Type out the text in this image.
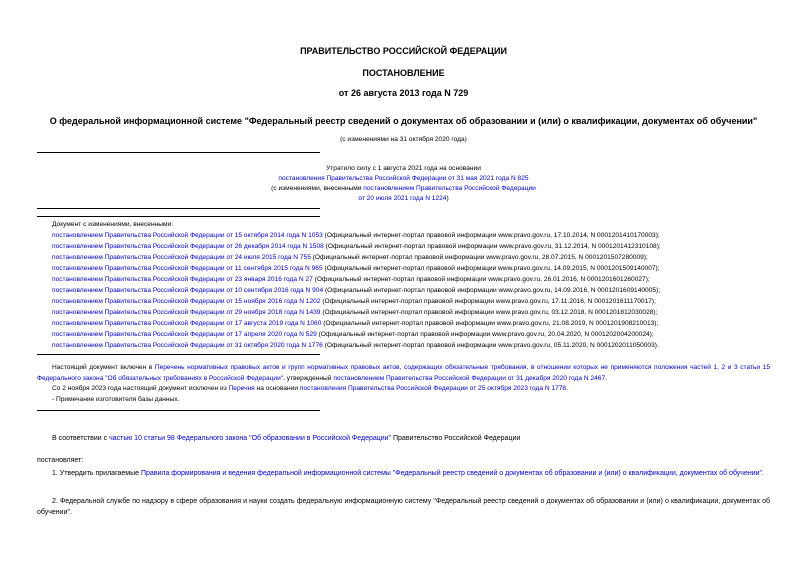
ПРАВИТЕЛЬСТВО РОССИЙСКОЙ ФЕДЕРАЦИИ
ПОСТАНОВЛЕНИЕ
от 26 августа 2013 года N 729
О федеральной информационной системе "Федеральный реестр сведений о документах об образовании и (или) о квалификации, документах об обучении"
(с изменениями на 31 октября 2020 года)
Утратило силу с 1 августа 2021 года на основании
постановления Правительства Российской Федерации от 31 мая 2021 года N 825
(с изменениями, внесенными постановлением Правительства Российской Федерации
от 20 июля 2021 года N 1224)
Документ с изменениями, внесенными:
постановлением Правительства Российской Федерации от 15 октября 2014 года N 1053 (Официальный интернет-портал правовой информации www.pravo.gov.ru, 17.10.2014, N 0001201410170003);
постановлением Правительства Российской Федерации от 26 декабря 2014 года N 1508 (Официальный интернет-портал правовой информации www.pravo.gov.ru, 31.12.2014, N 0001201412310108);
постановлением Правительства Российской Федерации от 24 июля 2015 года N 755 (Официальный интернет-портал правовой информации www.pravo.gov.ru, 28.07.2015, N 0001201507280009);
постановлением Правительства Российской Федерации от 11 сентября 2015 года N 965 (Официальный интернет-портал правовой информации www.pravo.gov.ru, 14.09.2015, N 0001201509140007);
постановлением Правительства Российской Федерации от 23 января 2016 года N 27 (Официальный интернет-портал правовой информации www.pravo.gov.ru, 26.01.2016, N 0001201601260027);
постановлением Правительства Российской Федерации от 10 сентября 2016 года N 904 (Официальный интернет-портал правовой информации www.pravo.gov.ru, 14.09.2016, N 0001201609140005);
постановлением Правительства Российской Федерации от 15 ноября 2016 года N 1202 (Официальный интернет-портал правовой информации www.pravo.gov.ru, 17.11.2016, N 0001201611170017);
постановлением Правительства Российской Федерации от 29 ноября 2018 года N 1439 (Официальный интернет-портал правовой информации www.pravo.gov.ru, 03.12.2018, N 0001201812030028);
постановлением Правительства Российской Федерации от 17 августа 2019 года N 1060 (Официальный интернет-портал правовой информации www.pravo.gov.ru, 21.08.2019, N 0001201908210013);
постановлением Правительства Российской Федерации от 17 апреля 2020 года N 529 (Официальный интернет-портал правовой информации www.pravo.gov.ru, 20.04.2020, N 0001202004200024);
постановлением Правительства Российской Федерации от 31 октября 2020 года N 1776 (Официальный интернет-портал правовой информации www.pravo.gov.ru, 05.11.2020, N 0001202011050003).
Настоящий документ включен в Перечень нормативных правовых актов и групп нормативных правовых актов, содержащих обязательные требования, в отношении которых не применяются положения частей 1, 2 и 3 статьи 15 Федерального закона "Об обязательных требованиях в Российской Федерации", утвержденный постановлением Правительства Российской Федерации от 31 декабря 2020 года N 2467.
Со 2 ноября 2023 года настоящий документ исключен из Перечня на основании постановления Правительства Российской Федерации от 25 октября 2023 года N 1778.
- Примечание изготовителя базы данных.
В соответствии с частью 10 статьи 98 Федерального закона "Об образовании в Российской Федерации" Правительство Российской Федерации
постановляет:
1. Утвердить прилагаемые Правила формирования и ведения федеральной информационной системы "Федеральный реестр сведений о документах об образовании и (или) о квалификации, документах об обучении".
2. Федеральной службе по надзору в сфере образования и науки создать федеральную информационную систему "Федеральный реестр сведений о документах об образовании и (или) о квалификации, документах об обучении".
